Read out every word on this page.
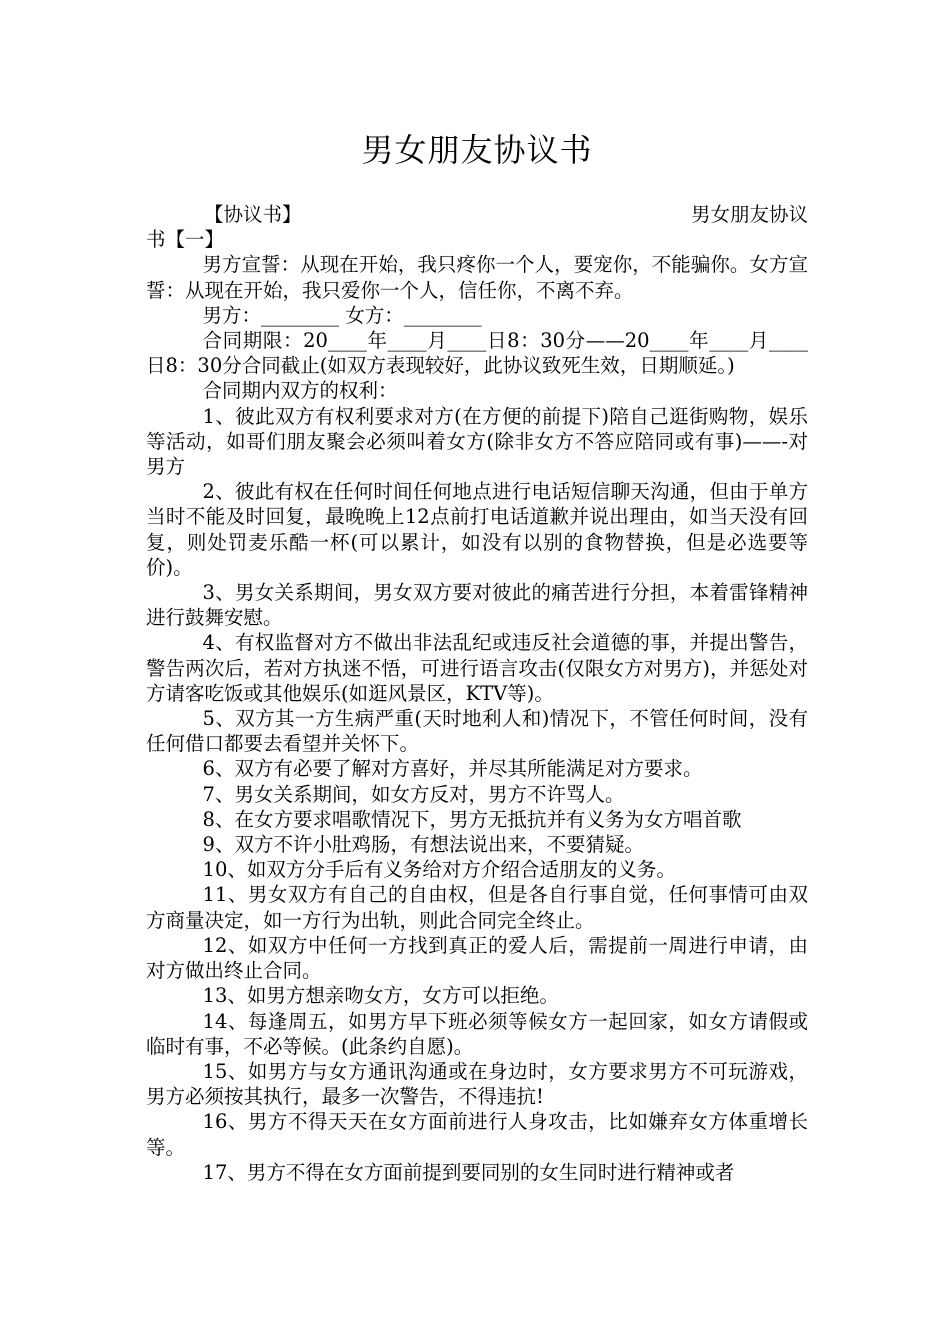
男女朋友协议书
【协议书】	男女朋友协议

书【一】

男方宣誓：从现在开始，我只疼你一个人，要宠你，不能骗你。女方宣誓：从现在开始，我只爱你一个人，信任你，不离不弃。

男方：________ 女方：________

合同期限：20____年____月____日8：30分——20____年____月____日8：30分合同截止(如双方表现较好，此协议致死生效，日期顺延。)

合同期内双方的权利：

1、彼此双方有权利要求对方(在方便的前提下)陪自己逛街购物，娱乐等活动，如哥们朋友聚会必须叫着女方(除非女方不答应陪同或有事)——-对男方

2、彼此有权在任何时间任何地点进行电话短信聊天沟通，但由于单方当时不能及时回复，最晚晚上12点前打电话道歉并说出理由，如当天没有回复，则处罚麦乐酷一杯(可以累计，如没有以别的食物替换，但是必选要等价)。

3、男女关系期间，男女双方要对彼此的痛苦进行分担，本着雷锋精神进行鼓舞安慰。

4、有权监督对方不做出非法乱纪或违反社会道德的事，并提出警告，警告两次后，若对方执迷不悟，可进行语言攻击(仅限女方对男方)，并惩处对方请客吃饭或其他娱乐(如逛风景区，KTV等)。

5、双方其一方生病严重(天时地利人和)情况下，不管任何时间，没有任何借口都要去看望并关怀下。

6、双方有必要了解对方喜好，并尽其所能满足对方要求。

7、男女关系期间，如女方反对，男方不许骂人。

8、在女方要求唱歌情况下，男方无抵抗并有义务为女方唱首歌

9、双方不许小肚鸡肠，有想法说出来，不要猜疑。

10、如双方分手后有义务给对方介绍合适朋友的义务。

11、男女双方有自己的自由权，但是各自行事自觉，任何事情可由双方商量决定，如一方行为出轨，则此合同完全终止。

12、如双方中任何一方找到真正的爱人后，需提前一周进行申请，由对方做出终止合同。

13、如男方想亲吻女方，女方可以拒绝。

14、每逢周五，如男方早下班必须等候女方一起回家，如女方请假或临时有事，不必等候。(此条约自愿)。

15、如男方与女方通讯沟通或在身边时，女方要求男方不可玩游戏，男方必须按其执行，最多一次警告，不得违抗!

16、男方不得天天在女方面前进行人身攻击，比如嫌弃女方体重增长等。

17、男方不得在女方面前提到要同别的女生同时进行精神或者
